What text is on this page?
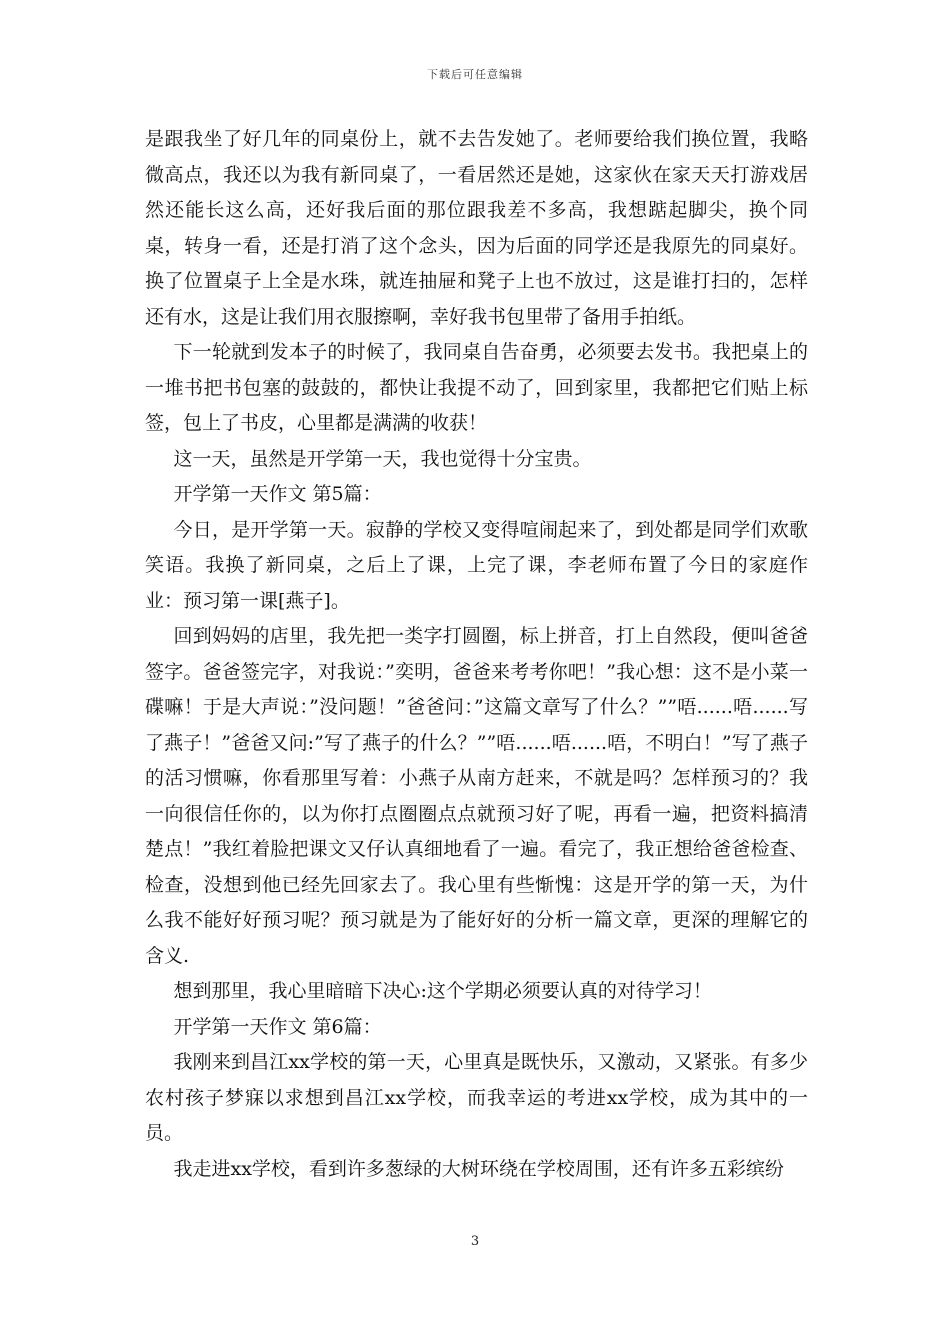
下载后可任意编辑

是跟我坐了好几年的同桌份上，就不去告发她了。老师要给我们换位置，我略微高点，我还以为我有新同桌了，一看居然还是她，这家伙在家天天打游戏居然还能长这么高，还好我后面的那位跟我差不多高，我想踮起脚尖，换个同桌，转身一看，还是打消了这个念头，因为后面的同学还是我原先的同桌好。换了位置桌子上全是水珠，就连抽屉和凳子上也不放过，这是谁打扫的，怎样还有水，这是让我们用衣服擦啊，幸好我书包里带了备用手拍纸。

下一轮就到发本子的时候了，我同桌自告奋勇，必须要去发书。我把桌上的一堆书把书包塞的鼓鼓的，都快让我提不动了，回到家里，我都把它们贴上标签，包上了书皮，心里都是满满的收获！

这一天，虽然是开学第一天，我也觉得十分宝贵。

开学第一天作文 第5篇：

今日，是开学第一天。寂静的学校又变得喧闹起来了，到处都是同学们欢歌笑语。我换了新同桌，之后上了课，上完了课，李老师布置了今日的家庭作业：预习第一课[燕子]。

回到妈妈的店里，我先把一类字打圆圈，标上拼音，打上自然段，便叫爸爸签字。爸爸签完字，对我说：”奕明，爸爸来考考你吧！”我心想：这不是小菜一碟嘛！于是大声说：”没问题！”爸爸问：”这篇文章写了什么？””唔......唔......写了燕子！”爸爸又问:”写了燕子的什么？””唔......唔......唔，不明白！”写了燕子的活习惯嘛，你看那里写着：小燕子从南方赶来，不就是吗？怎样预习的？我一向很信任你的，以为你打点圈圈点点就预习好了呢，再看一遍，把资料搞清楚点！”我红着脸把课文又仔认真细地看了一遍。看完了，我正想给爸爸检查、检查，没想到他已经先回家去了。我心里有些惭愧：这是开学的第一天，为什么我不能好好预习呢？预习就是为了能好好的分析一篇文章，更深的理解它的含义.

想到那里，我心里暗暗下决心:这个学期必须要认真的对待学习！

开学第一天作文 第6篇：

我刚来到昌江xx学校的第一天，心里真是既快乐，又激动，又紧张。有多少农村孩子梦寐以求想到昌江xx学校，而我幸运的考进xx学校，成为其中的一员。

我走进xx学校，看到许多葱绿的大树环绕在学校周围，还有许多五彩缤纷

3
